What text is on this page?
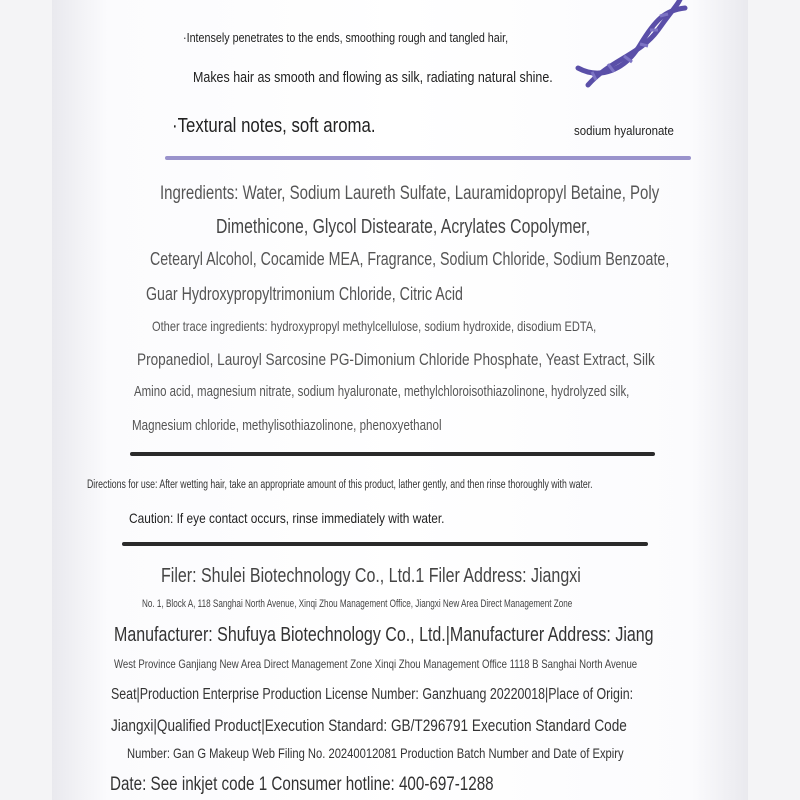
·Intensely penetrates to the ends, smoothing rough and tangled hair,
Makes hair as smooth and flowing as silk, radiating natural shine.
·Textural notes, soft aroma.	sodium hyaluronate
Ingredients: Water, Sodium Laureth Sulfate, Lauramidopropyl Betaine, Poly
Dimethicone, Glycol Distearate, Acrylates Copolymer,
Cetearyl Alcohol, Cocamide MEA, Fragrance, Sodium Chloride, Sodium Benzoate,
Guar Hydroxypropyltrimonium Chloride, Citric Acid
Other trace ingredients: hydroxypropyl methylcellulose, sodium hydroxide, disodium EDTA,
Propanediol, Lauroyl Sarcosine PG-Dimonium Chloride Phosphate, Yeast Extract, Silk
Amino acid, magnesium nitrate, sodium hyaluronate, methylchloroisothiazolinone, hydrolyzed silk,
Magnesium chloride, methylisothiazolinone, phenoxyethanol
Directions for use: After wetting hair, take an appropriate amount of this product, lather gently, and then rinse thoroughly with water.
Caution: If eye contact occurs, rinse immediately with water.
Filer: Shulei Biotechnology Co., Ltd.1 Filer Address: Jiangxi
No. 1, Block A, 118 Sanghai North Avenue, Xinqi Zhou Management Office, Jiangxi New Area Direct Management Zone
Manufacturer: Shufuya Biotechnology Co., Ltd.|Manufacturer Address: Jiang
West Province Ganjiang New Area Direct Management Zone Xinqi Zhou Management Office 1118 B Sanghai North Avenue
Seat|Production Enterprise Production License Number: Ganzhuang 20220018|Place of Origin:
Jiangxi|Qualified Product|Execution Standard: GB/T296791 Execution Standard Code
Number: Gan G Makeup Web Filing No. 20240012081 Production Batch Number and Date of Expiry
Date: See inkjet code 1 Consumer hotline: 400-697-1288
